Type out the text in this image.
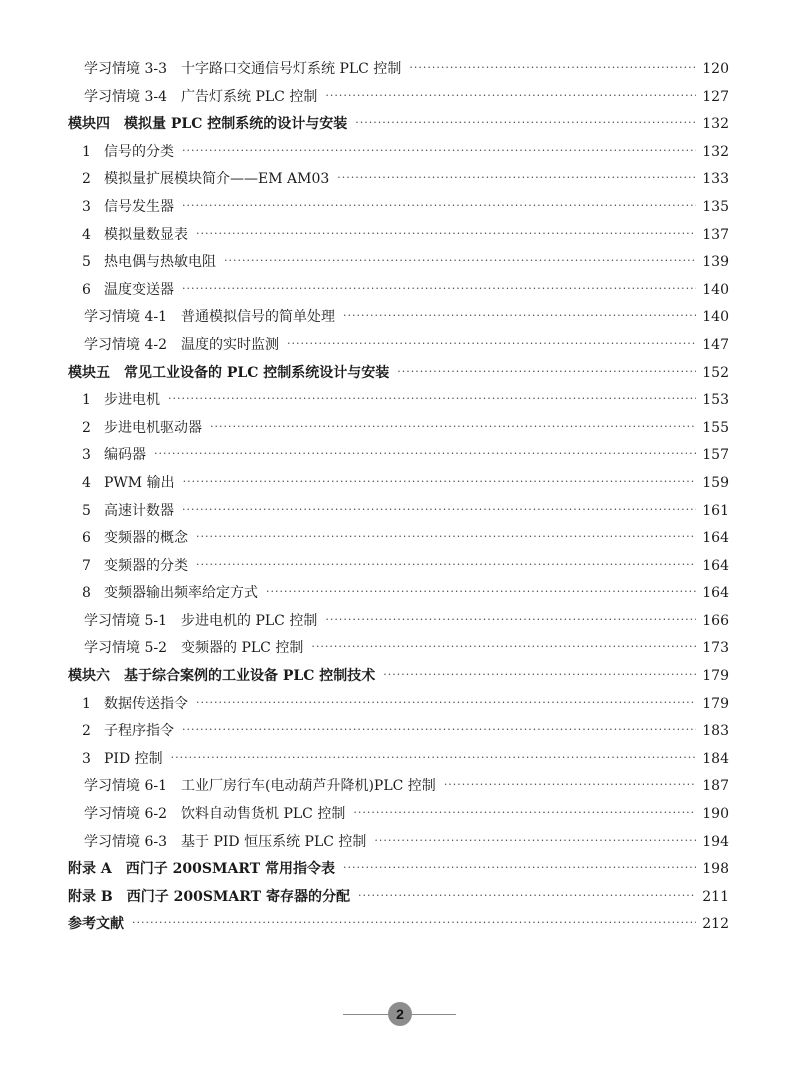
学习情境 3-3 十字路口交通信号灯系统 PLC 控制 ·····	120
学习情境 3-4 广告灯系统 PLC 控制 ·····	127
模块四 模拟量 PLC 控制系统的设计与安装 ·····	132
1 信号的分类 ·····	132
2 模拟量扩展模块简介——EM AM03 ·····	133
3 信号发生器 ·····	135
4 模拟量数显表 ·····	137
5 热电偶与热敏电阻 ·····	139
6 温度变送器 ·····	140
学习情境 4-1 普通模拟信号的简单处理 ·····	140
学习情境 4-2 温度的实时监测 ·····	147
模块五 常见工业设备的 PLC 控制系统设计与安装 ·····	152
1 步进电机 ·····	153
2 步进电机驱动器 ·····	155
3 编码器 ·····	157
4 PWM 输出 ·····	159
5 高速计数器 ·····	161
6 变频器的概念 ·····	164
7 变频器的分类 ·····	164
8 变频器输出频率给定方式 ·····	164
学习情境 5-1 步进电机的 PLC 控制 ·····	166
学习情境 5-2 变频器的 PLC 控制 ·····	173
模块六 基于综合案例的工业设备 PLC 控制技术 ·····	179
1 数据传送指令 ·····	179
2 子程序指令 ·····	183
3 PID 控制 ·····	184
学习情境 6-1 工业厂房行车(电动葫芦升降机)PLC 控制 ·····	187
学习情境 6-2 饮料自动售货机 PLC 控制 ·····	190
学习情境 6-3 基于 PID 恒压系统 PLC 控制 ·····	194
附录 A 西门子 200SMART 常用指令表 ·····	198
附录 B 西门子 200SMART 寄存器的分配 ·····	211
参考文献 ·····	212
2
